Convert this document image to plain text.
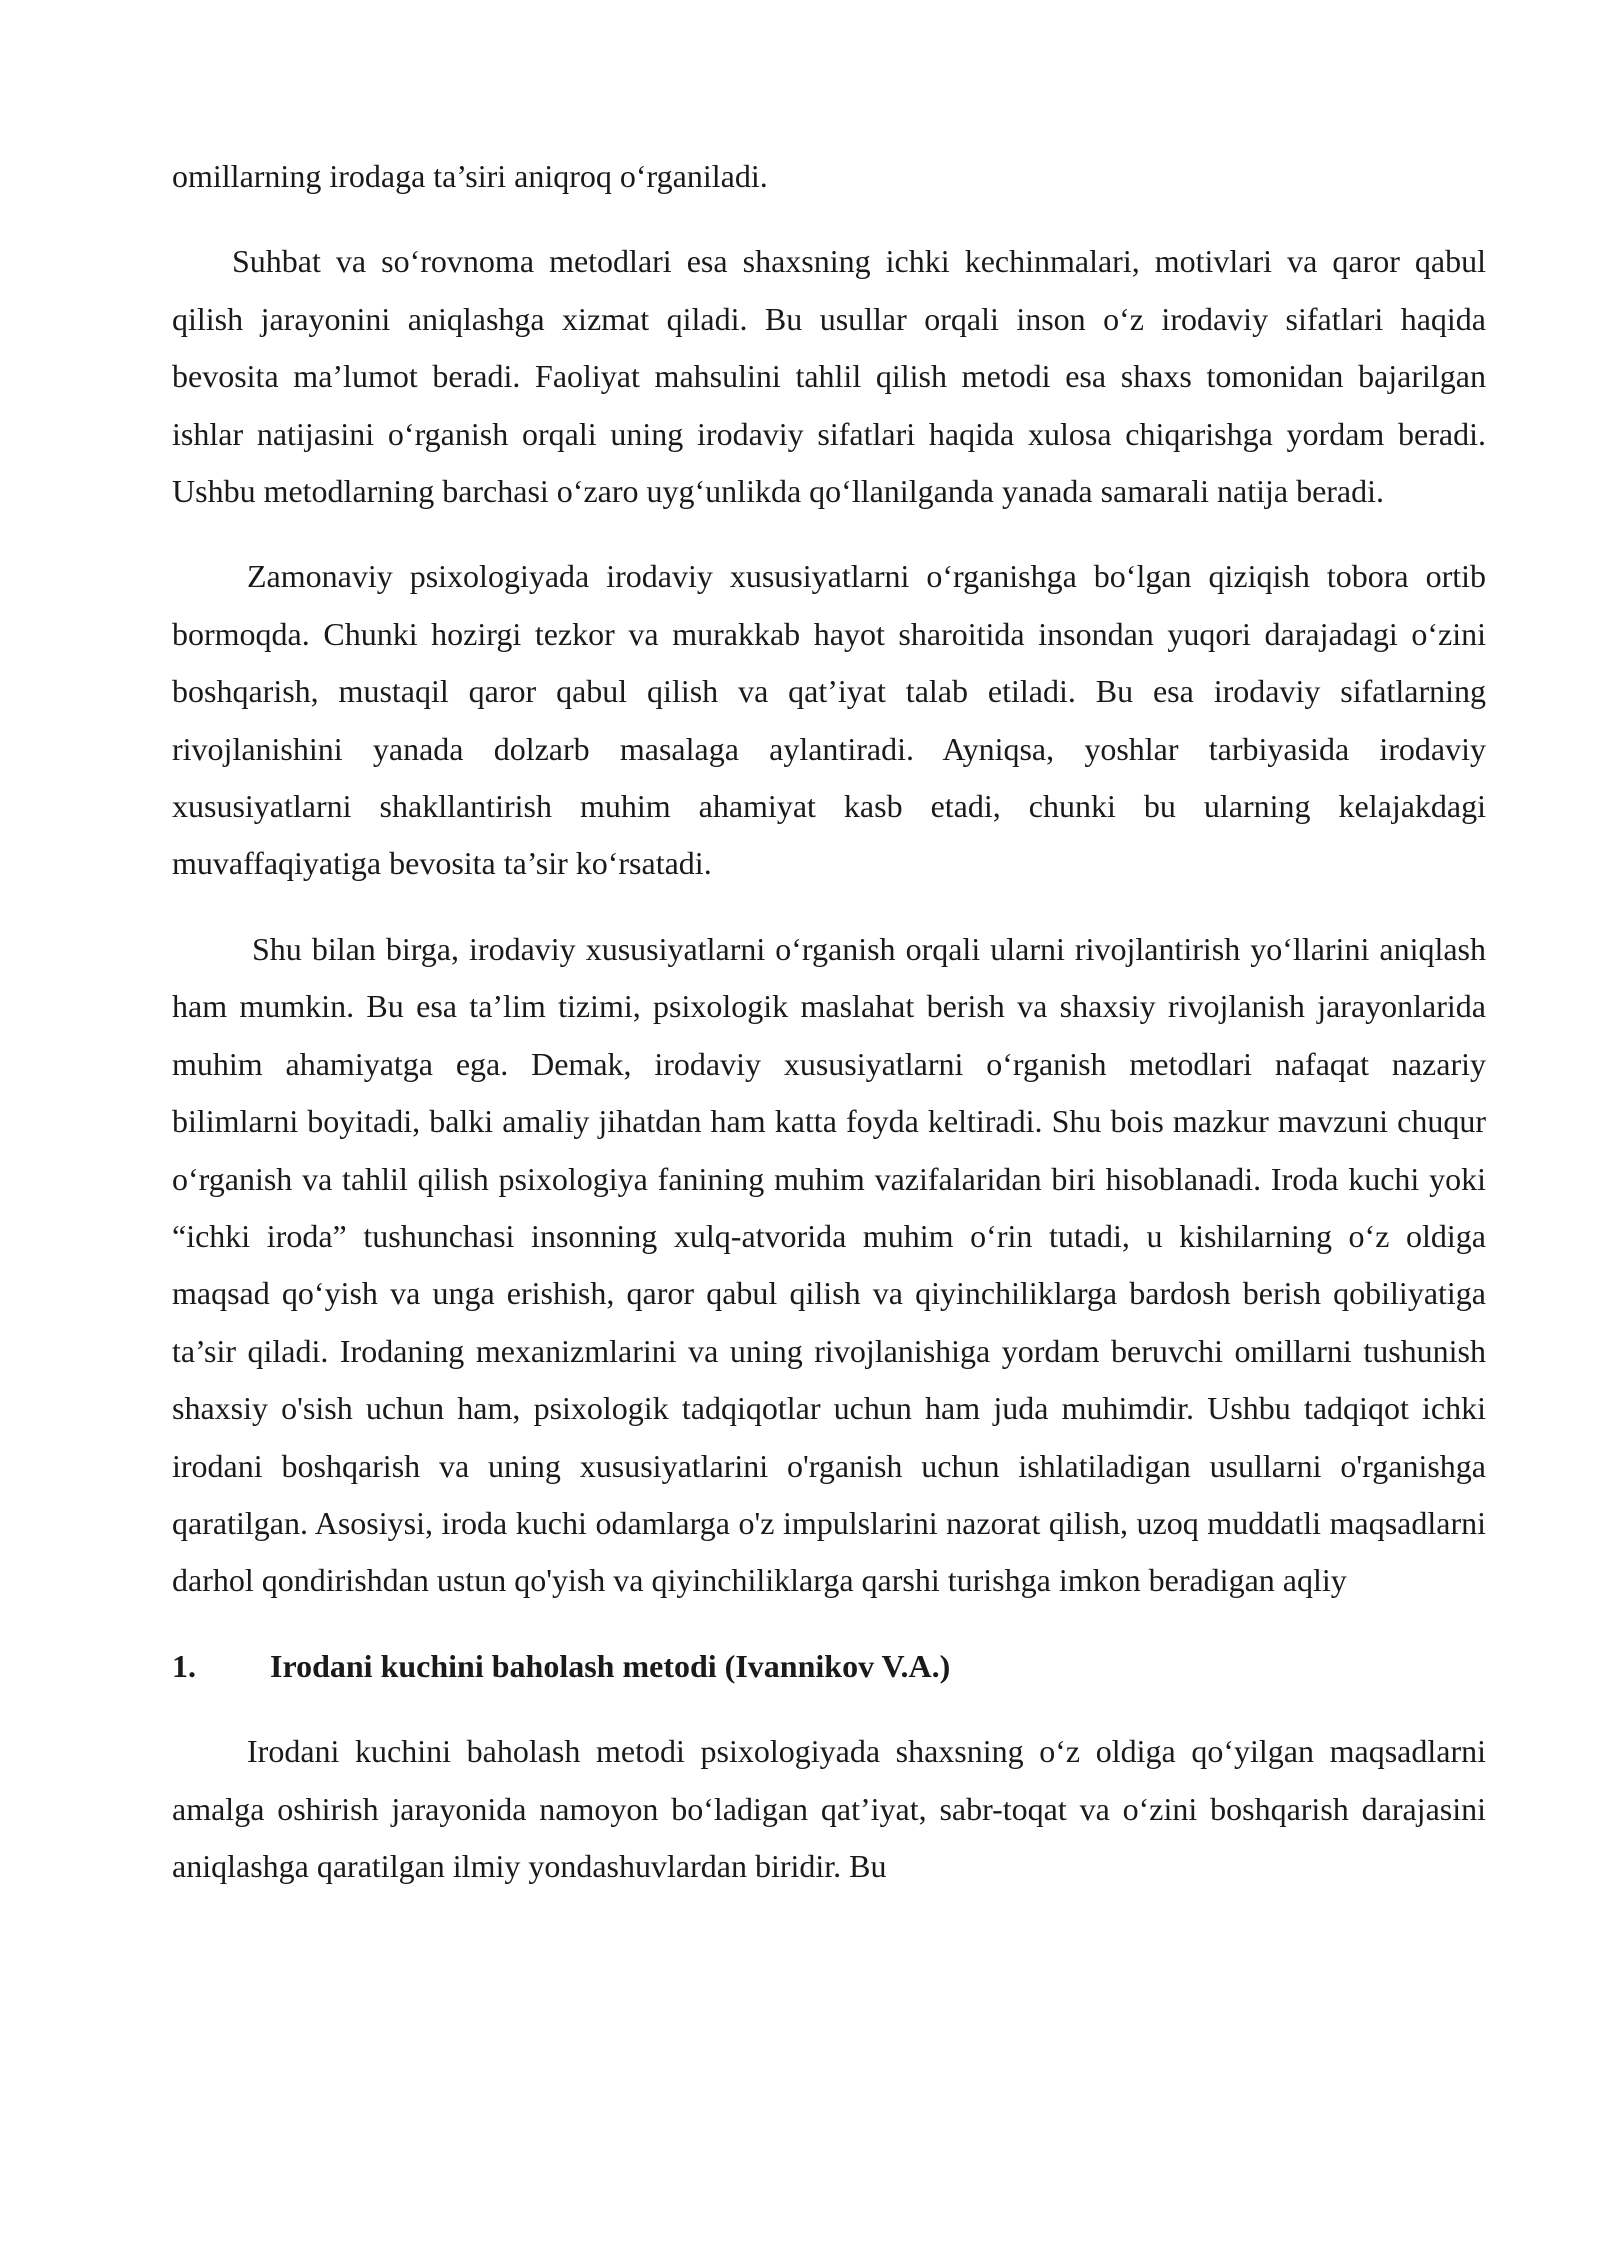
omillarning irodaga ta’siri aniqroq o‘rganiladi.

Suhbat va so‘rovnoma metodlari esa shaxsning ichki kechinmalari, motivlari va qaror qabul qilish jarayonini aniqlashga xizmat qiladi. Bu usullar orqali inson o‘z irodaviy sifatlari haqida bevosita ma’lumot beradi. Faoliyat mahsulini tahlil qilish metodi esa shaxs tomonidan bajarilgan ishlar natijasini o‘rganish orqali uning irodaviy sifatlari haqida xulosa chiqarishga yordam beradi. Ushbu metodlarning barchasi o‘zaro uyg‘unlikda qo‘llanilganda yanada samarali natija beradi.

Zamonaviy psixologiyada irodaviy xususiyatlarni o‘rganishga bo‘lgan qiziqish tobora ortib bormoqda. Chunki hozirgi tezkor va murakkab hayot sharoitida insondan yuqori darajadagi o‘zini boshqarish, mustaqil qaror qabul qilish va qat’iyat talab etiladi. Bu esa irodaviy sifatlarning rivojlanishini yanada dolzarb masalaga aylantiradi. Ayniqsa, yoshlar tarbiyasida irodaviy xususiyatlarni shakllantirish muhim ahamiyat kasb etadi, chunki bu ularning kelajakdagi muvaffaqiyatiga bevosita ta’sir ko‘rsatadi.

Shu bilan birga, irodaviy xususiyatlarni o‘rganish orqali ularni rivojlantirish yo‘llarini aniqlash ham mumkin. Bu esa ta’lim tizimi, psixologik maslahat berish va shaxsiy rivojlanish jarayonlarida muhim ahamiyatga ega. Demak, irodaviy xususiyatlarni o‘rganish metodlari nafaqat nazariy bilimlarni boyitadi, balki amaliy jihatdan ham katta foyda keltiradi. Shu bois mazkur mavzuni chuqur o‘rganish va tahlil qilish psixologiya fanining muhim vazifalaridan biri hisoblanadi. Iroda kuchi yoki “ichki iroda” tushunchasi insonning xulq-atvorida muhim o‘rin tutadi, u kishilarning o‘z oldiga maqsad qo‘yish va unga erishish, qaror qabul qilish va qiyinchiliklarga bardosh berish qobiliyatiga ta’sir qiladi. Irodaning mexanizmlarini va uning rivojlanishiga yordam beruvchi omillarni tushunish shaxsiy o'sish uchun ham, psixologik tadqiqotlar uchun ham juda muhimdir. Ushbu tadqiqot ichki irodani boshqarish va uning xususiyatlarini o'rganish uchun ishlatiladigan usullarni o'rganishga qaratilgan. Asosiysi, iroda kuchi odamlarga o'z impulslarini nazorat qilish, uzoq muddatli maqsadlarni darhol qondirishdan ustun qo'yish va qiyinchiliklarga qarshi turishga imkon beradigan aqliy

1.	Irodani kuchini baholash metodi (Ivannikov V.A.)

Irodani kuchini baholash metodi psixologiyada shaxsning o‘z oldiga qo‘yilgan maqsadlarni amalga oshirish jarayonida namoyon bo‘ladigan qat’iyat, sabr-toqat va o‘zini boshqarish darajasini aniqlashga qaratilgan ilmiy yondashuvlardan biridir. Bu
